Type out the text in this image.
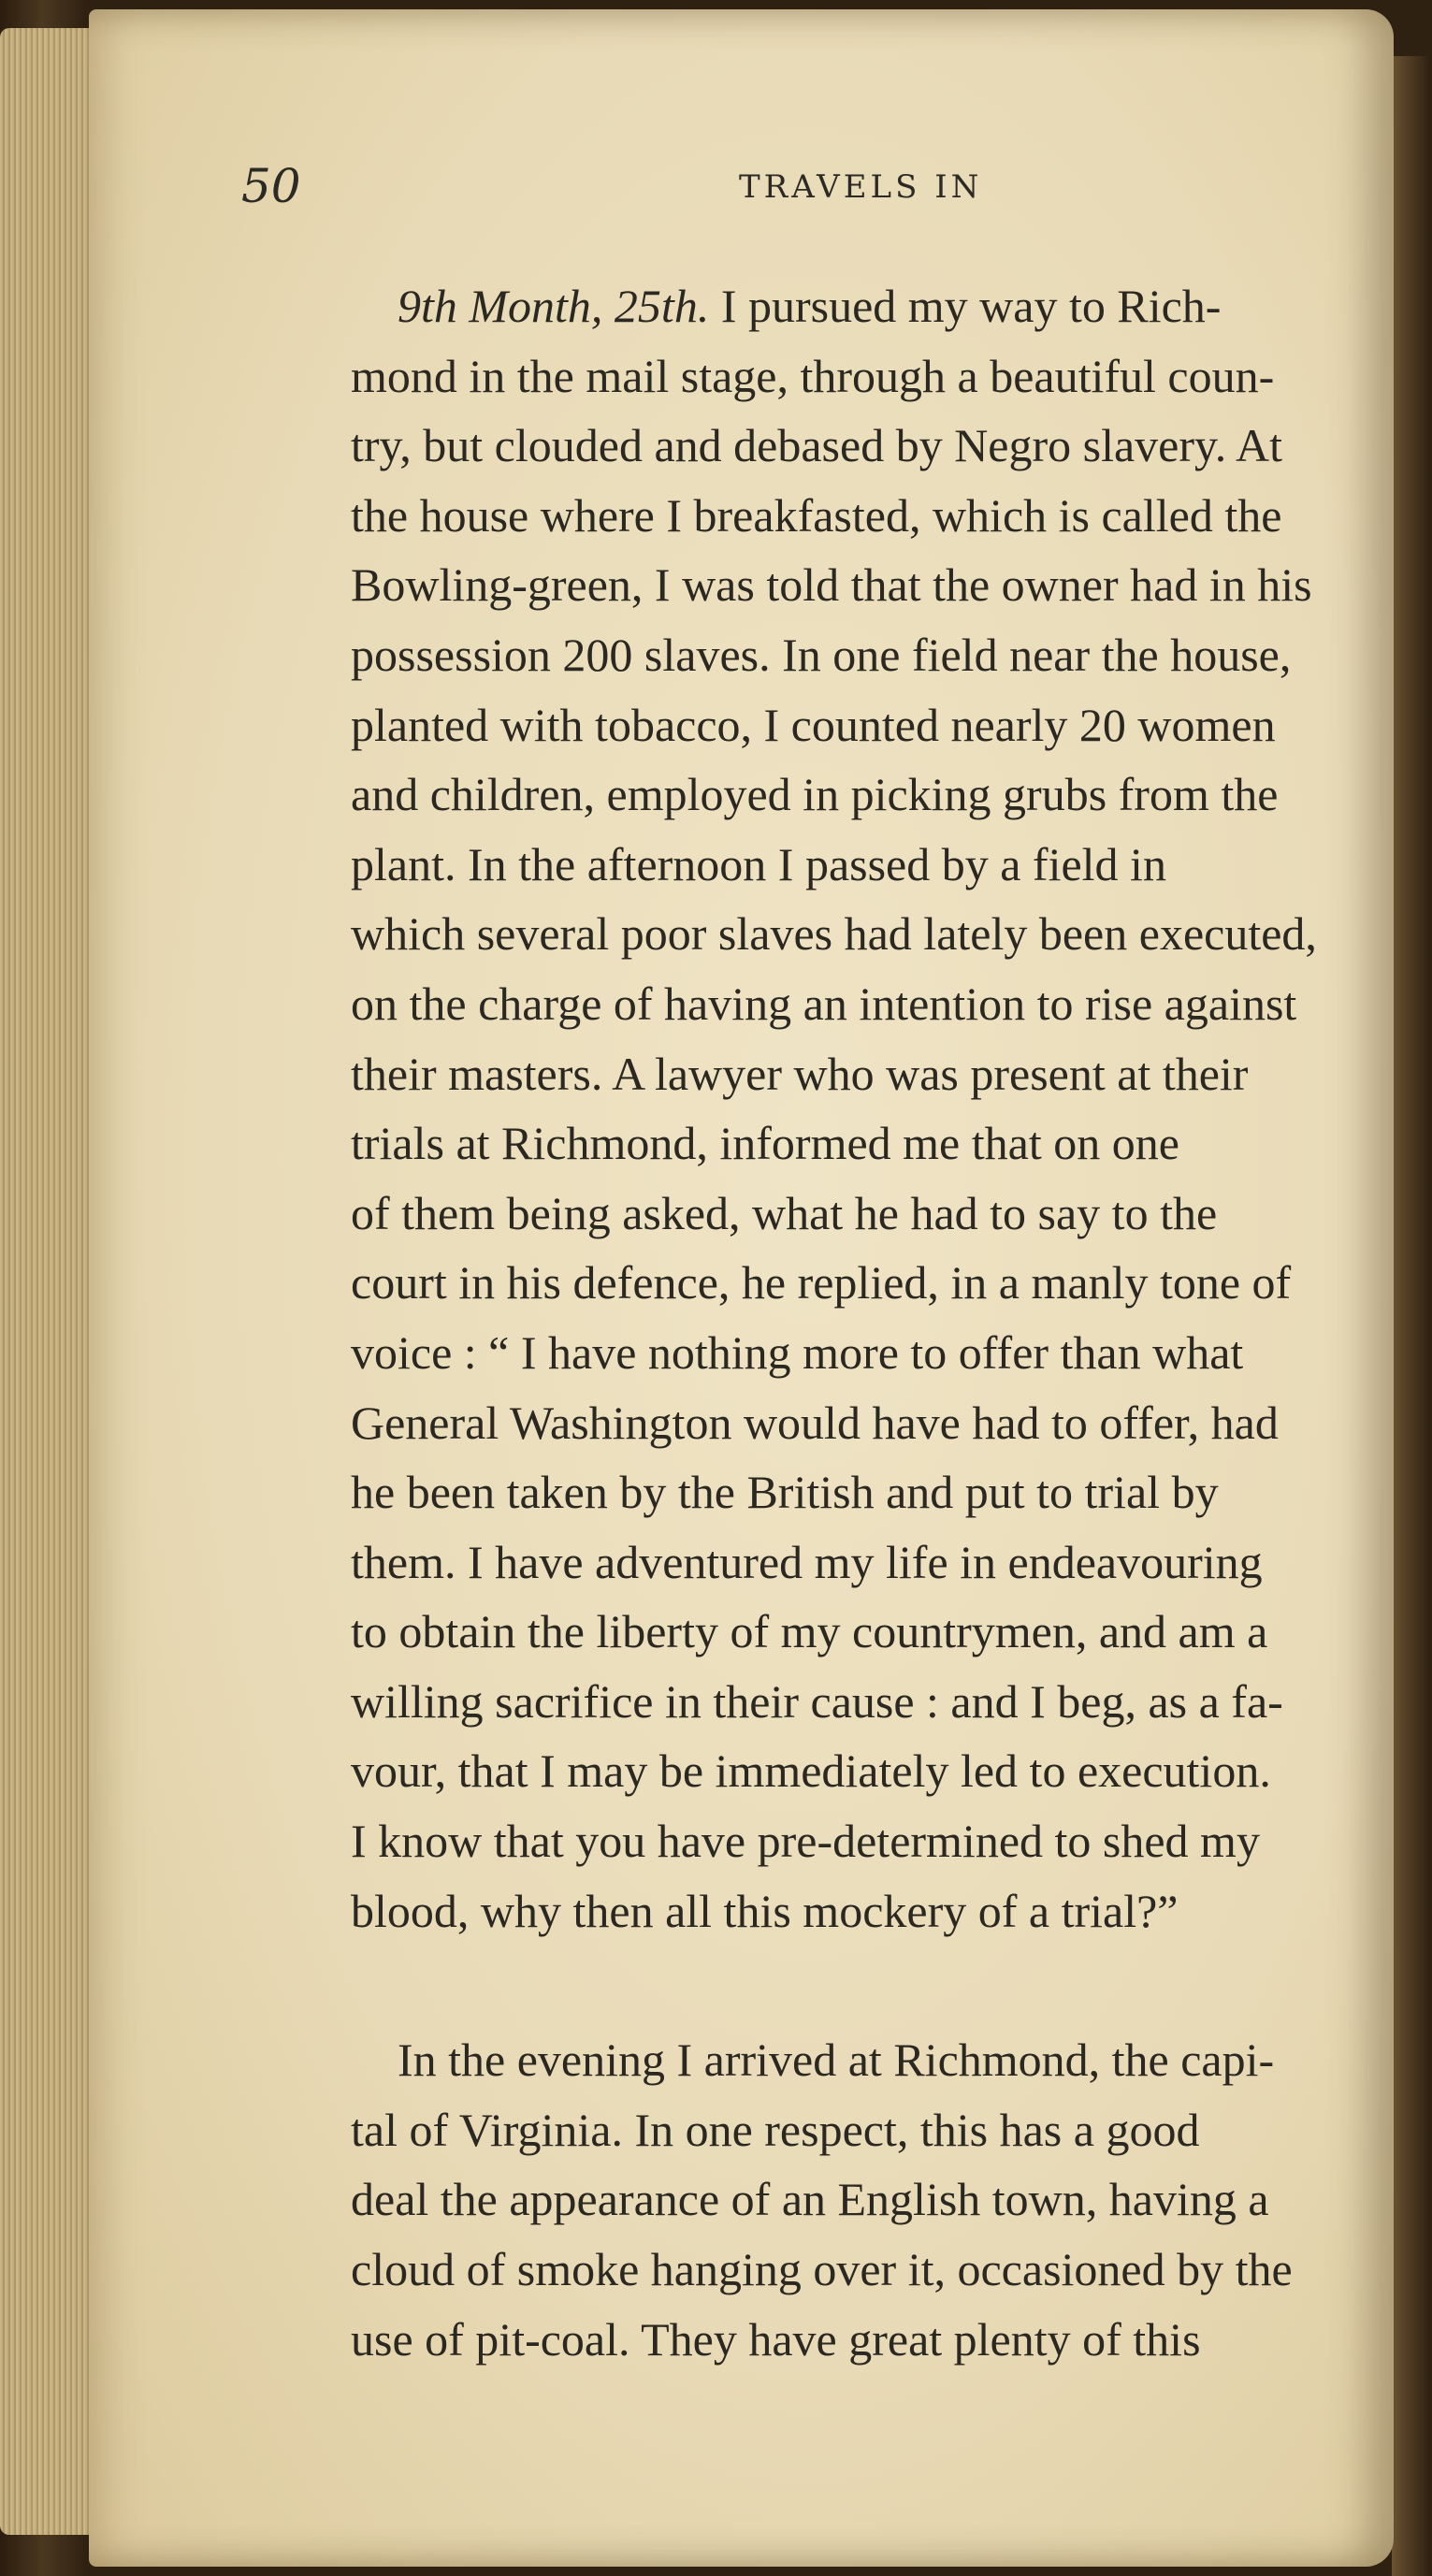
50	TRAVELS IN
9th Month, 25th. I pursued my way to Rich-
mond in the mail stage, through a beautiful coun-
try, but clouded and debased by Negro slavery. At
the house where I breakfasted, which is called the
Bowling-green, I was told that the owner had in his
possession 200 slaves. In one field near the house,
planted with tobacco, I counted nearly 20 women
and children, employed in picking grubs from the
plant. In the afternoon I passed by a field in
which several poor slaves had lately been executed,
on the charge of having an intention to rise against
their masters. A lawyer who was present at their
trials at Richmond, informed me that on one
of them being asked, what he had to say to the
court in his defence, he replied, in a manly tone of
voice : “ I have nothing more to offer than what
General Washington would have had to offer, had
he been taken by the British and put to trial by
them. I have adventured my life in endeavouring
to obtain the liberty of my countrymen, and am a
willing sacrifice in their cause : and I beg, as a fa-
vour, that I may be immediately led to execution.
I know that you have pre-determined to shed my
blood, why then all this mockery of a trial?”
In the evening I arrived at Richmond, the capi-
tal of Virginia. In one respect, this has a good
deal the appearance of an English town, having a
cloud of smoke hanging over it, occasioned by the
use of pit-coal. They have great plenty of this
